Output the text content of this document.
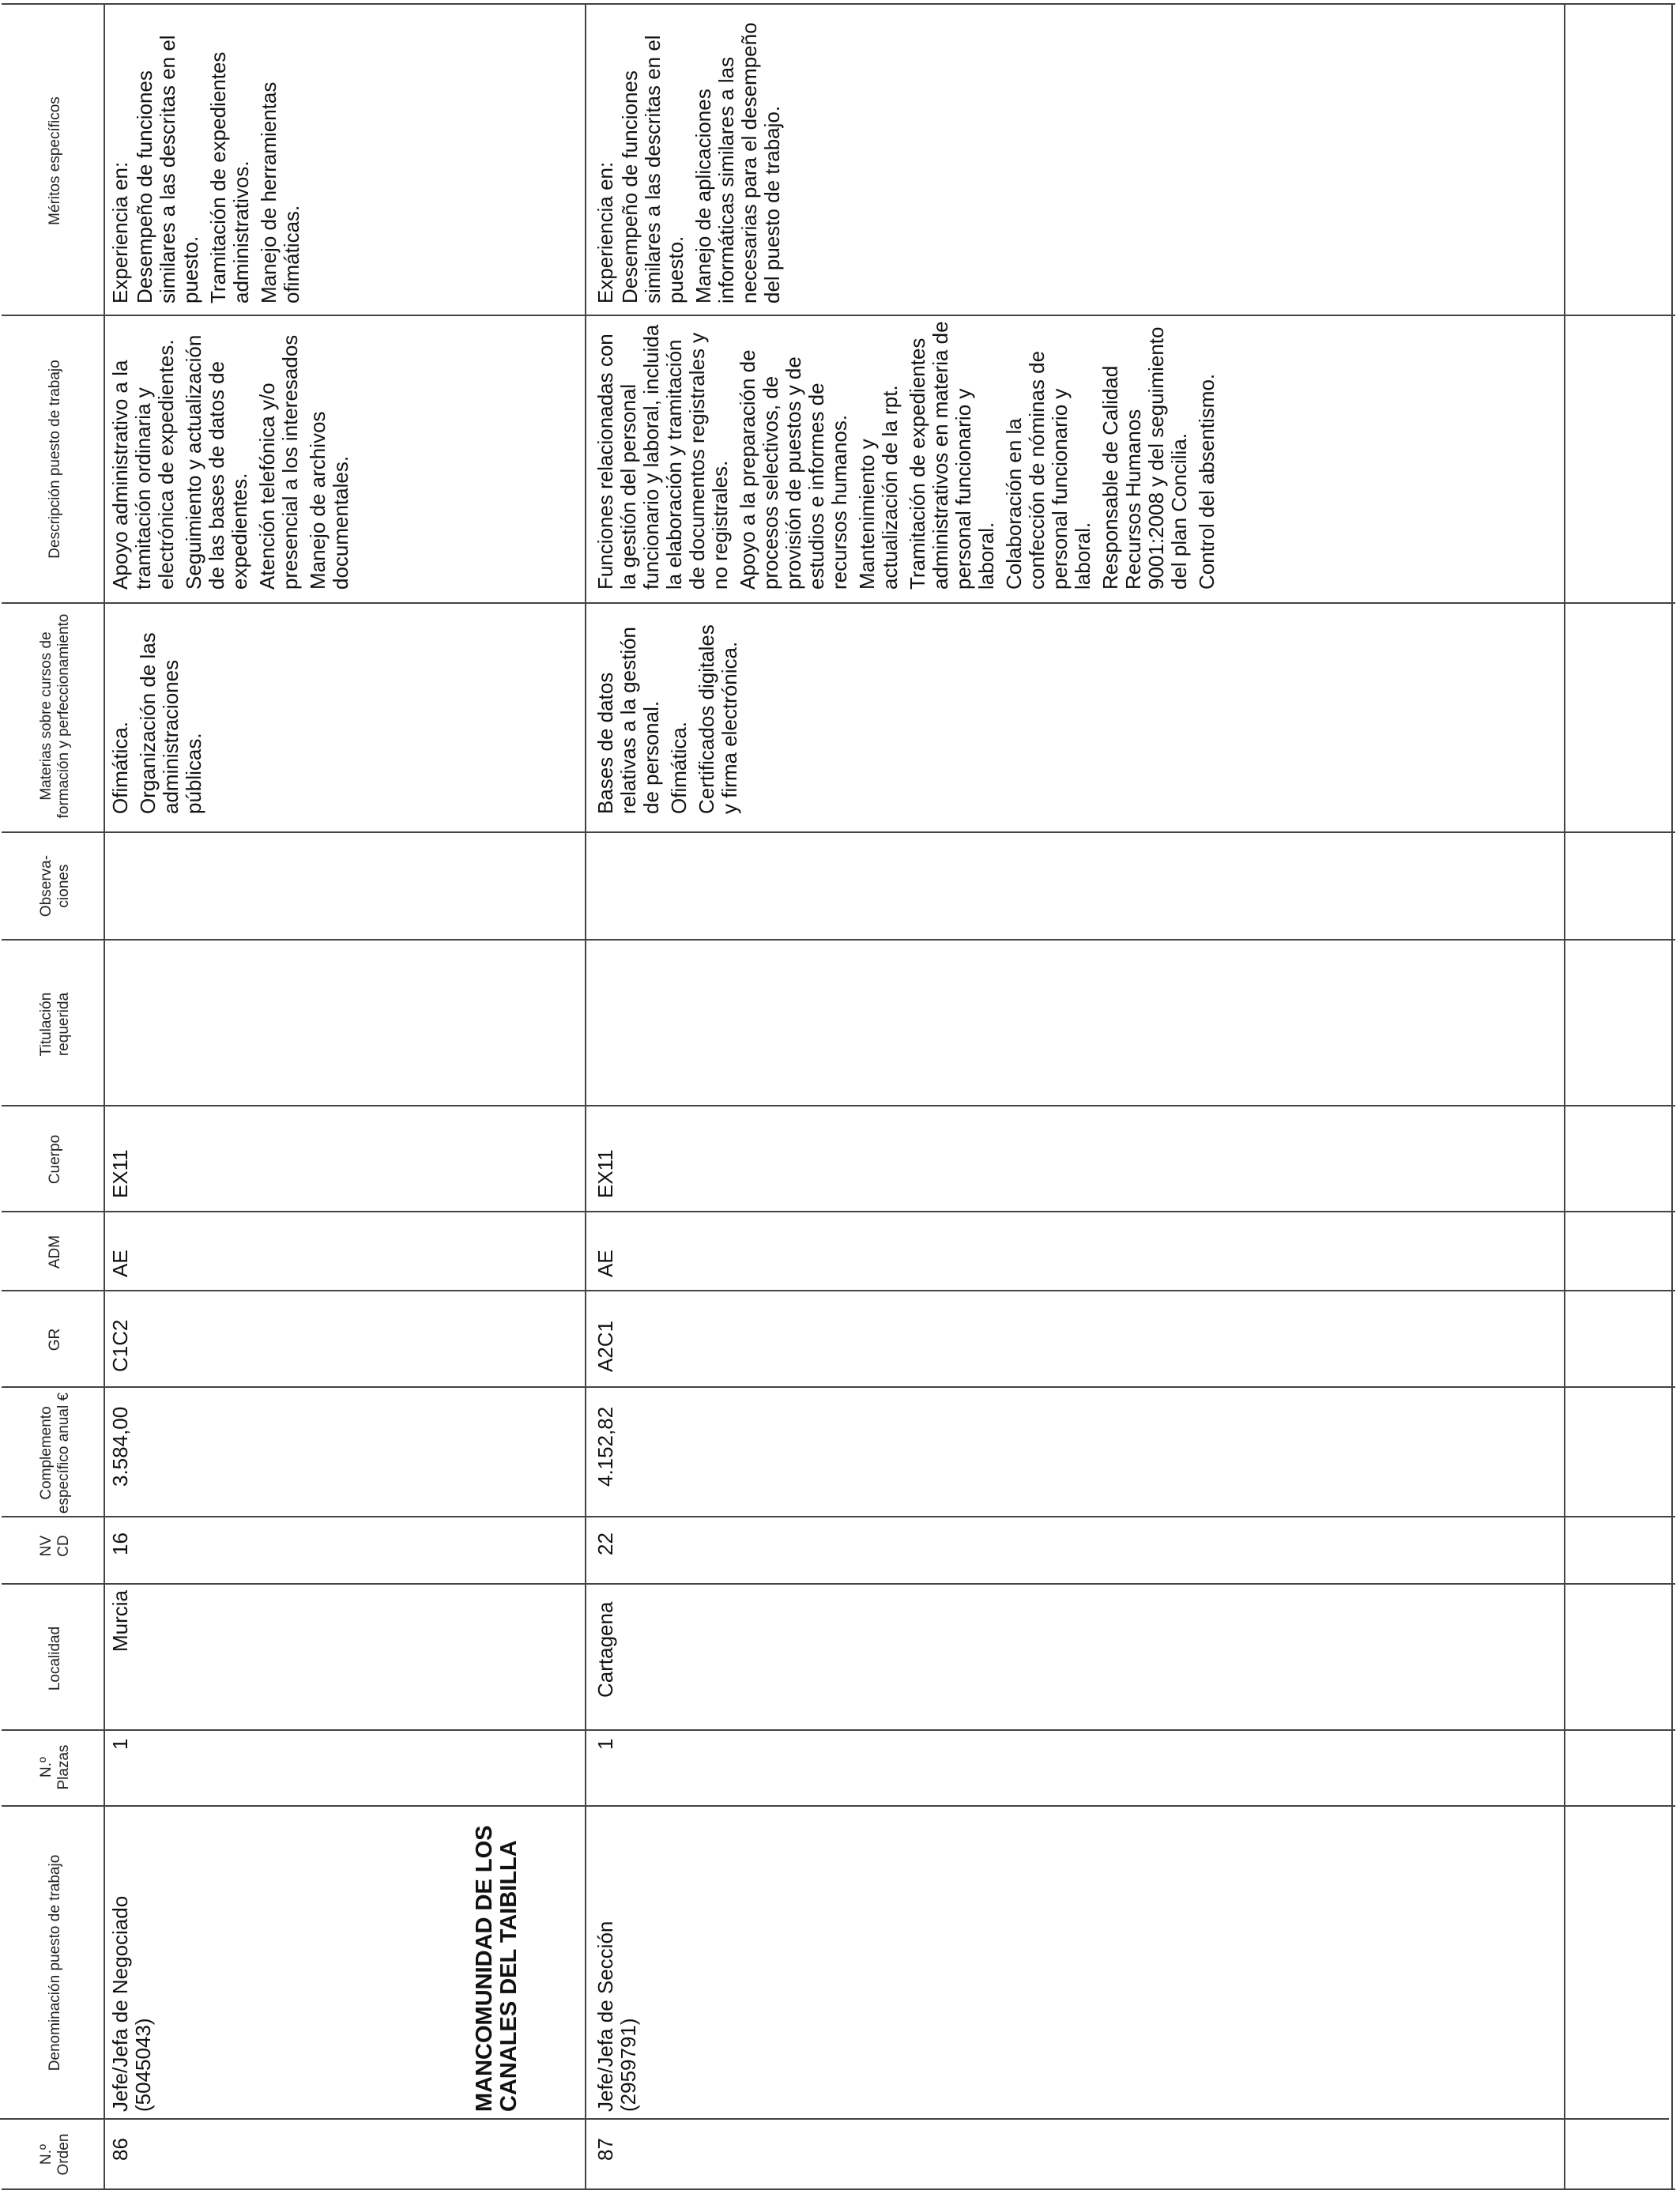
N.º Orden
Denominación puesto de trabajo
N.º Plazas
Localidad
NV CD
Complemento específico anual €
GR
ADM
Cuerpo
Titulación requerida
Observa-ciones
Materias sobre cursos de formación y perfeccionamiento
Descripción puesto de trabajo
Méritos específicos
86
Jefe/Jefa de Negociado (5045043)
1
Murcia
16
3.584,00
C1C2
AE
EX11

Ofimática. Organización de las administraciones públicas.

Apoyo administrativo a la tramitación ordinaria y electrónica de expedientes. Seguimiento y actualización de las bases de datos de expedientes. Atención telefónica y/o presencial a los interesados Manejo de archivos documentales.

Experiencia en: Desempeño de funciones similares a las descritas en el puesto. Tramitación de expedientes administrativos. Manejo de herramientas ofimáticas.

MANCOMUNIDAD DE LOS CANALES DEL TAIBILLA
87
Jefe/Jefa de Sección (2959791)
1
Cartagena
22
4.152,82
A2C1
AE
EX11

Bases de datos relativas a la gestión de personal. Ofimática. Certificados digitales y firma electrónica.

Funciones relacionadas con la gestión del personal funcionario y laboral, incluida la elaboración y tramitación de documentos registrales y no registrales. Apoyo a la preparación de procesos selectivos, de provisión de puestos y de estudios e informes de recursos humanos. Mantenimiento y actualización de la rpt. Tramitación de expedientes administrativos en materia de personal funcionario y laboral. Colaboración en la confección de nóminas de personal funcionario y laboral. Responsable de Calidad Recursos Humanos 9001:2008 y del seguimiento del plan Concilia. Control del absentismo.

Experiencia en: Desempeño de funciones similares a las descritas en el puesto. Manejo de aplicaciones informáticas similares a las necesarias para el desempeño del puesto de trabajo.
